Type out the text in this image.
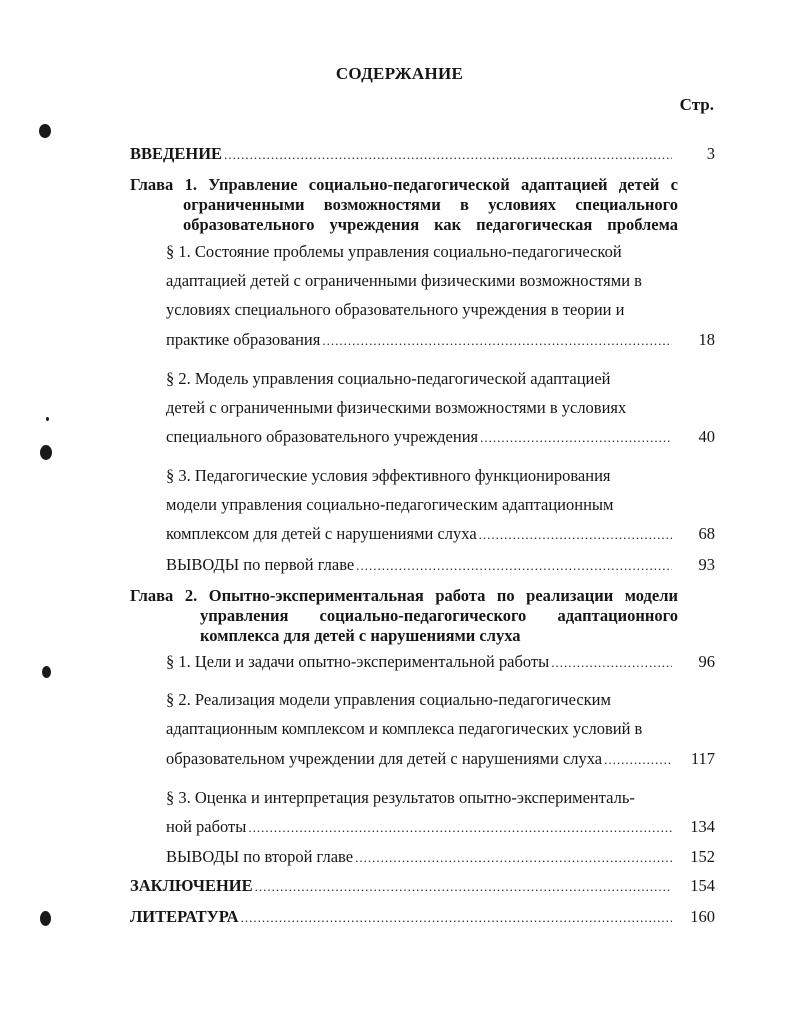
СОДЕРЖАНИЕ
Стр.
ВВЕДЕНИЕ .....	3
Глава 1. Управление социально-педагогической адаптацией детей с
ограниченными возможностями в условиях специального
образовательного учреждения как педагогическая проблема
§ 1. Состояние проблемы управления социально-педагогической
адаптацией детей с ограниченными физическими возможностями в
условиях специального образовательного учреждения в теории и
практике образования .....	18
§ 2. Модель управления социально-педагогической адаптацией
детей с ограниченными физическими возможностями в условиях
специального образовательного учреждения .....	40
§ 3. Педагогические условия эффективного функционирования
модели управления социально-педагогическим адаптационным
комплексом для детей с нарушениями слуха .....	68
ВЫВОДЫ по первой главе .....	93
Глава 2. Опытно-экспериментальная работа по реализации модели
управления социально-педагогического адаптационного
комплекса для детей с нарушениями слуха
§ 1. Цели и задачи опытно-экспериментальной работы .....	96
§ 2. Реализация модели управления социально-педагогическим
адаптационным комплексом и комплекса педагогических условий в
образовательном учреждении для детей с нарушениями слуха .....	117
§ 3. Оценка и интерпретация результатов опытно-эксперименталь-
ной работы .....	134
ВЫВОДЫ по второй главе .....	152
ЗАКЛЮЧЕНИЕ .....	154
ЛИТЕРАТУРА .....	160
